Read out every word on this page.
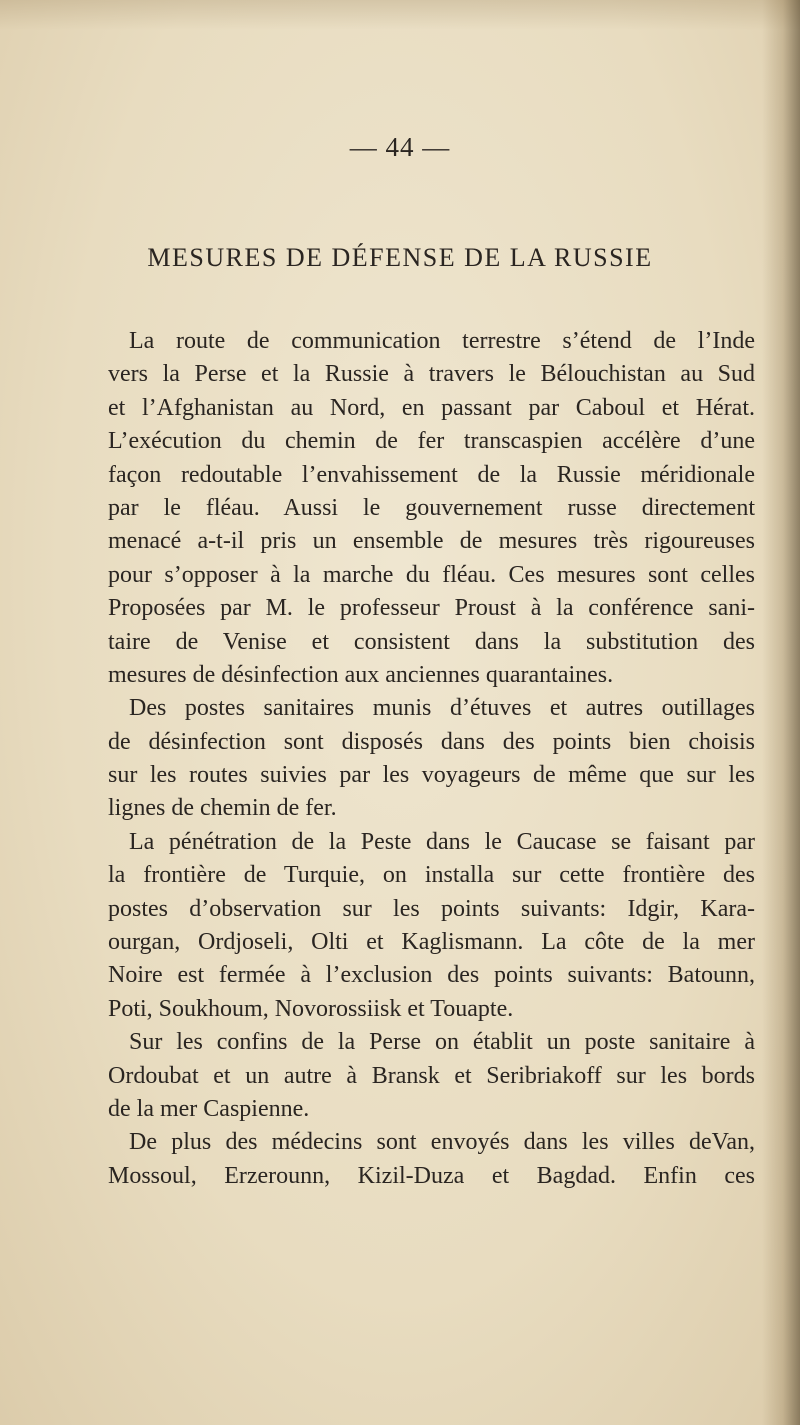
— 44 —
MESURES DE DÉFENSE DE LA RUSSIE
La route de communication terrestre s’étend de l’Inde
vers la Perse et la Russie à travers le Bélouchistan au Sud
et l’Afghanistan au Nord, en passant par Caboul et Hérat.
L’exécution du chemin de fer transcaspien accélère d’une
façon redoutable l’envahissement de la Russie méridionale
par le fléau. Aussi le gouvernement russe directement
menacé a-t-il pris un ensemble de mesures très rigoureuses
pour s’opposer à la marche du fléau. Ces mesures sont celles
Proposées par M. le professeur Proust à la conférence sani-
taire de Venise et consistent dans la substitution des
mesures de désinfection aux anciennes quarantaines.
Des postes sanitaires munis d’étuves et autres outillages
de désinfection sont disposés dans des points bien choisis
sur les routes suivies par les voyageurs de même que sur les
lignes de chemin de fer.
La pénétration de la Peste dans le Caucase se faisant par
la frontière de Turquie, on installa sur cette frontière des
postes d’observation sur les points suivants: Idgir, Kara-
ourgan, Ordjoseli, Olti et Kaglismann. La côte de la mer
Noire est fermée à l’exclusion des points suivants: Batounn,
Poti, Soukhoum, Novorossiisk et Touapte.
Sur les confins de la Perse on établit un poste sanitaire à
Ordoubat et un autre à Bransk et Seribriakoff sur les bords
de la mer Caspienne.
De plus des médecins sont envoyés dans les villes deVan,
Mossoul, Erzerounn, Kizil-Duza et Bagdad. Enfin ces
